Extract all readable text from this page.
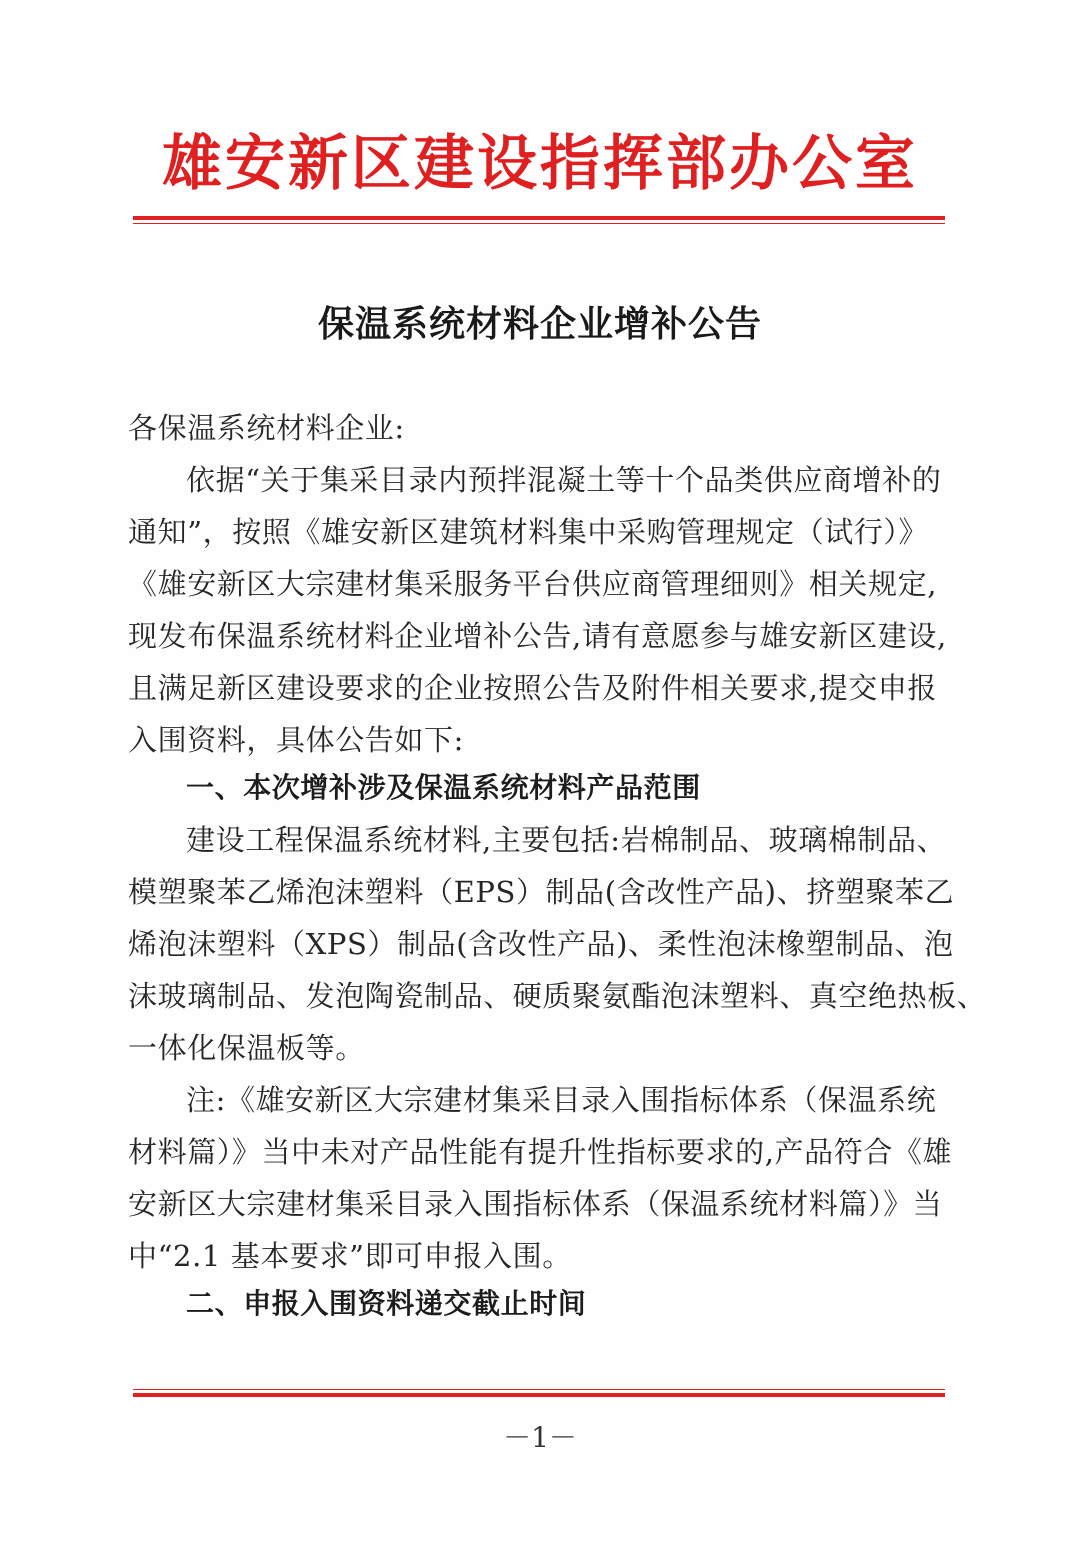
雄安新区建设指挥部办公室
保温系统材料企业增补公告
各保温系统材料企业:
依据“关于集采目录内预拌混凝土等十个品类供应商增补的
通知”，按照《雄安新区建筑材料集中采购管理规定（试行）》
《雄安新区大宗建材集采服务平台供应商管理细则》相关规定,
现发布保温系统材料企业增补公告,请有意愿参与雄安新区建设,
且满足新区建设要求的企业按照公告及附件相关要求,提交申报
入围资料，具体公告如下:
一、本次增补涉及保温系统材料产品范围
建设工程保温系统材料,主要包括:岩棉制品、玻璃棉制品、
模塑聚苯乙烯泡沫塑料（EPS）制品(含改性产品)、挤塑聚苯乙
烯泡沫塑料（XPS）制品(含改性产品)、柔性泡沫橡塑制品、泡
沫玻璃制品、发泡陶瓷制品、硬质聚氨酯泡沫塑料、真空绝热板、
一体化保温板等。
注:《雄安新区大宗建材集采目录入围指标体系（保温系统
材料篇）》当中未对产品性能有提升性指标要求的,产品符合《雄
安新区大宗建材集采目录入围指标体系（保温系统材料篇）》当
中“2.1 基本要求”即可申报入围。
二、申报入围资料递交截止时间
－1－
